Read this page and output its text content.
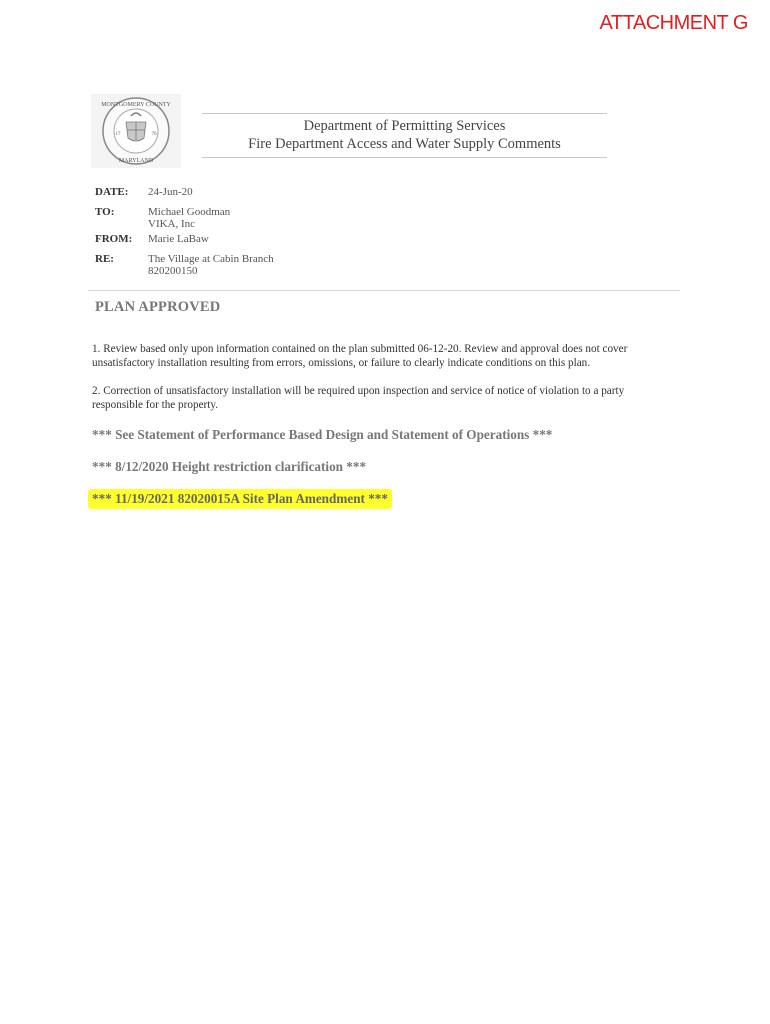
ATTACHMENT G
MONTGOMERY COUNTY
MARYLAND
17	76
Department of Permitting Services
Fire Department Access and Water Supply Comments
DATE: 24-Jun-20
TO:	Michael Goodman
VIKA, Inc
FROM: Marie LaBaw
RE:	The Village at Cabin Branch
820200150
PLAN APPROVED
1. Review based only upon information contained on the plan submitted 06-12-20. Review and approval does not cover
unsatisfactory installation resulting from errors, omissions, or failure to clearly indicate conditions on this plan.
2. Correction of unsatisfactory installation will be required upon inspection and service of notice of violation to a party
responsible for the property.
*** See Statement of Performance Based Design and Statement of Operations ***
*** 8/12/2020 Height restriction clarification ***
*** 11/19/2021 82020015A Site Plan Amendment ***
